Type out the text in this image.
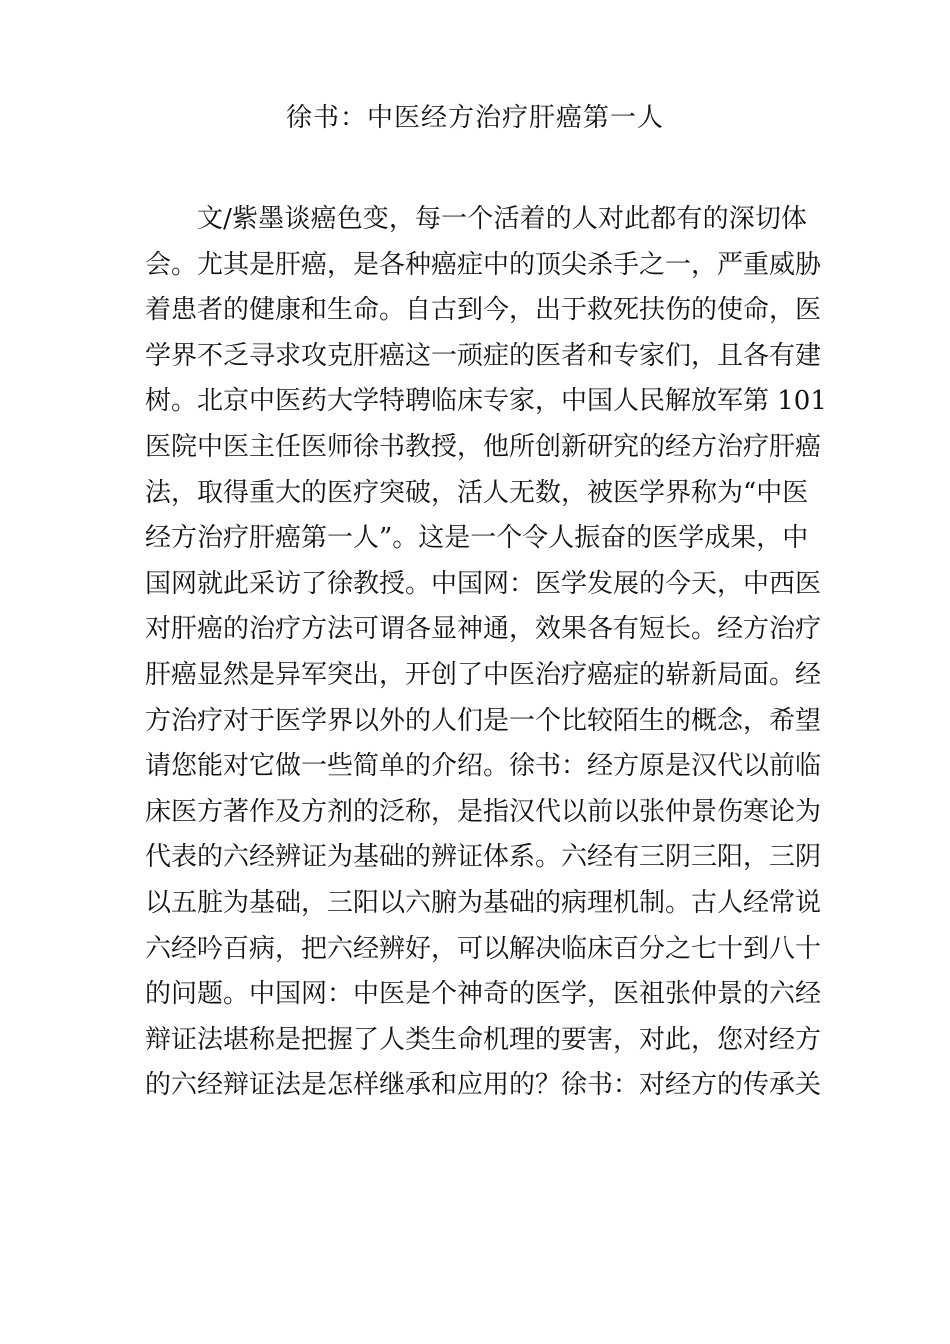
徐书：中医经方治疗肝癌第一人
文/紫墨谈癌色变，每一个活着的人对此都有的深切体
会。尤其是肝癌，是各种癌症中的顶尖杀手之一，严重威胁
着患者的健康和生命。自古到今，出于救死扶伤的使命，医
学界不乏寻求攻克肝癌这一顽症的医者和专家们，且各有建
树。北京中医药大学特聘临床专家，中国人民解放军第 101
医院中医主任医师徐书教授，他所创新研究的经方治疗肝癌
法，取得重大的医疗突破，活人无数，被医学界称为“中医
经方治疗肝癌第一人”。这是一个令人振奋的医学成果，中
国网就此采访了徐教授。中国网：医学发展的今天，中西医
对肝癌的治疗方法可谓各显神通，效果各有短长。经方治疗
肝癌显然是异军突出，开创了中医治疗癌症的崭新局面。经
方治疗对于医学界以外的人们是一个比较陌生的概念，希望
请您能对它做一些简单的介绍。徐书：经方原是汉代以前临
床医方著作及方剂的泛称，是指汉代以前以张仲景伤寒论为
代表的六经辨证为基础的辨证体系。六经有三阴三阳，三阴
以五脏为基础，三阳以六腑为基础的病理机制。古人经常说
六经吟百病，把六经辨好，可以解决临床百分之七十到八十
的问题。中国网：中医是个神奇的医学，医祖张仲景的六经
辩证法堪称是把握了人类生命机理的要害，对此，您对经方
的六经辩证法是怎样继承和应用的？徐书：对经方的传承关
